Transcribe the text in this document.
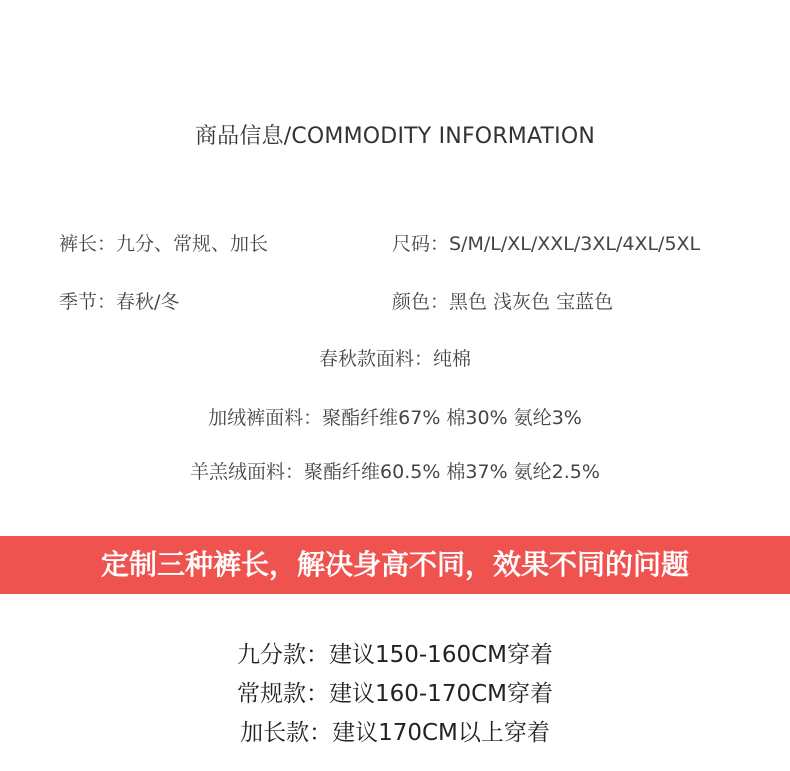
商品信息/COMMODITY INFORMATION
裤长：九分、常规、加长	尺码：S/M/L/XL/XXL/3XL/4XL/5XL
季节：春秋/冬	颜色：黑色 浅灰色 宝蓝色
春秋款面料：纯棉
加绒裤面料：聚酯纤维67% 棉30% 氨纶3%
羊羔绒面料：聚酯纤维60.5% 棉37% 氨纶2.5%
定制三种裤长，解决身高不同，效果不同的问题
九分款：建议150-160CM穿着
常规款：建议160-170CM穿着
加长款：建议170CM以上穿着
